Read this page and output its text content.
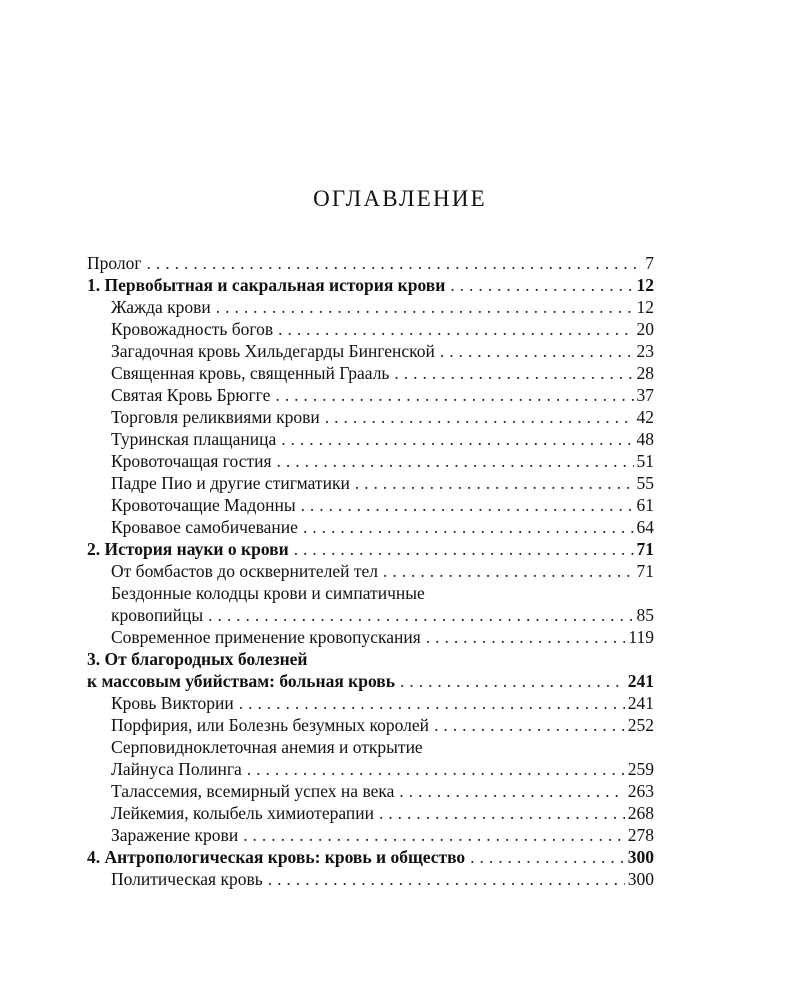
ОГЛАВЛЕНИЕ
Пролог . . .	7
1. Первобытная и сакральная история крови . . .	12
Жажда крови . . .	12
Кровожадность богов . . .	20
Загадочная кровь Хильдегарды Бингенской . . .	23
Священная кровь, священный Грааль . . .	28
Святая Кровь Брюгге . . .	37
Торговля реликвиями крови . . .	42
Туринская плащаница . . .	48
Кровоточащая гостия . . .	51
Падре Пио и другие стигматики . . .	55
Кровоточащие Мадонны . . .	61
Кровавое самобичевание . . .	64
2. История науки о крови . . .	71
От бомбастов до осквернителей тел . . .	71
Бездонные колодцы крови и симпатичные
кровопийцы . . .	85
Современное применение кровопускания . . .	119
3. От благородных болезней
к массовым убийствам: больная кровь . . .	241
Кровь Виктории . . .	241
Порфирия, или Болезнь безумных королей . . .	252
Серповидноклеточная анемия и открытие
Лайнуса Полинга . . .	259
Талассемия, всемирный успех на века . . .	263
Лейкемия, колыбель химиотерапии . . .	268
Заражение крови . . .	278
4. Антропологическая кровь: кровь и общество . . .	300
Политическая кровь . . .	300
